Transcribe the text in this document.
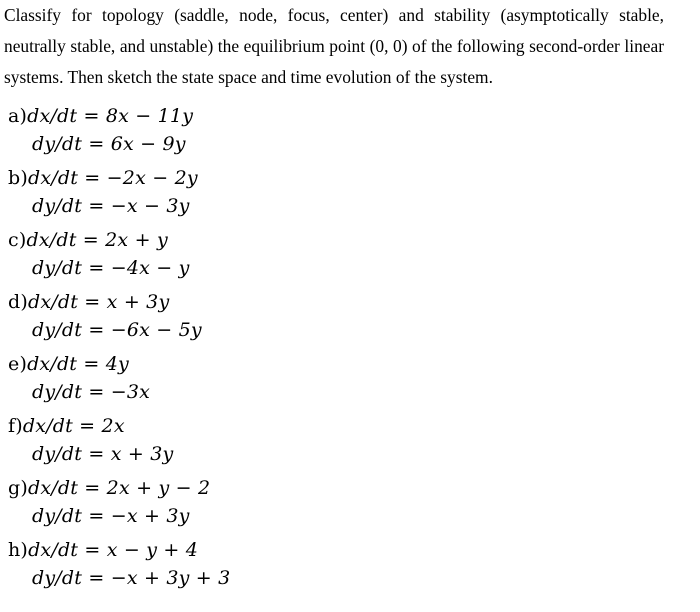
Classify for topology (saddle, node, focus, center) and stability (asymptotically stable, neutrally stable, and unstable) the equilibrium point (0, 0) of the following second-order linear systems. Then sketch the state space and time evolution of the system.

a)dx/dt = 8x − 11y
dy/dt = 6x − 9y
b)dx/dt = −2x − 2y
dy/dt = −x − 3y
c)dx/dt = 2x + y
dy/dt = −4x − y
d)dx/dt = x + 3y
dy/dt = −6x − 5y
e)dx/dt = 4y
dy/dt = −3x
f)dx/dt = 2x
dy/dt = x + 3y
g)dx/dt = 2x + y − 2
dy/dt = −x + 3y
h)dx/dt = x − y + 4
dy/dt = −x + 3y + 3
